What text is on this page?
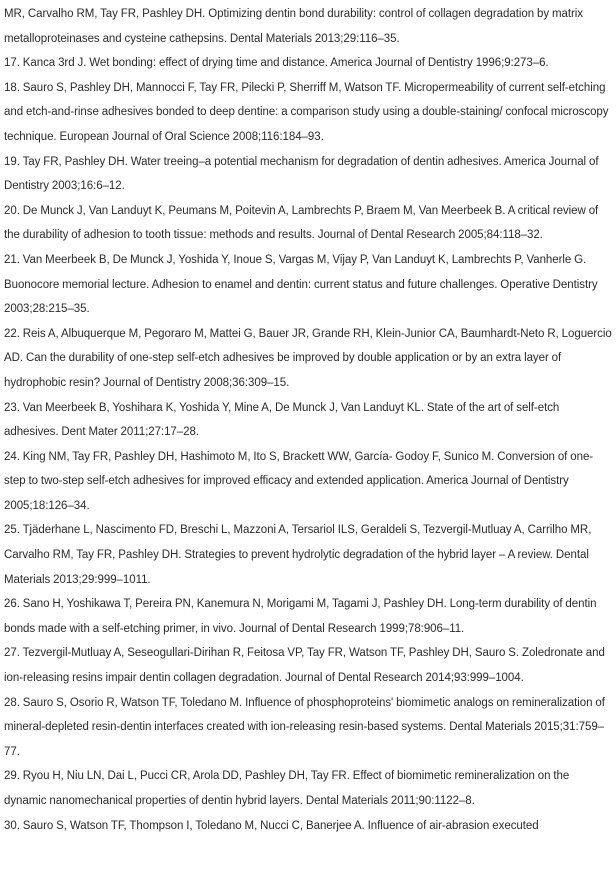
MR, Carvalho RM, Tay FR, Pashley DH. Optimizing dentin bond durability: control of collagen degradation by matrix metalloproteinases and cysteine cathepsins. Dental Materials 2013;29:116–35.
17. Kanca 3rd J. Wet bonding: effect of drying time and distance. America Journal of Dentistry 1996;9:273–6.
18. Sauro S, Pashley DH, Mannocci F, Tay FR, Pilecki P, Sherriff M, Watson TF. Micropermeability of current self-etching and etch-and-rinse adhesives bonded to deep dentine: a comparison study using a double-staining/ confocal microscopy technique. European Journal of Oral Science 2008;116:184–93.
19. Tay FR, Pashley DH. Water treeing–a potential mechanism for degradation of dentin adhesives. America Journal of Dentistry 2003;16:6–12.
20. De Munck J, Van Landuyt K, Peumans M, Poitevin A, Lambrechts P, Braem M, Van Meerbeek B. A critical review of the durability of adhesion to tooth tissue: methods and results. Journal of Dental Research 2005;84:118–32.
21. Van Meerbeek B, De Munck J, Yoshida Y, Inoue S, Vargas M, Vijay P, Van Landuyt K, Lambrechts P, Vanherle G. Buonocore memorial lecture. Adhesion to enamel and dentin: current status and future challenges. Operative Dentistry 2003;28:215–35.
22. Reis A, Albuquerque M, Pegoraro M, Mattei G, Bauer JR, Grande RH, Klein-Junior CA, Baumhardt-Neto R, Loguercio AD. Can the durability of one-step self-etch adhesives be improved by double application or by an extra layer of hydrophobic resin? Journal of Dentistry 2008;36:309–15.
23. Van Meerbeek B, Yoshihara K, Yoshida Y, Mine A, De Munck J, Van Landuyt KL. State of the art of self-etch adhesives. Dent Mater 2011;27:17–28.
24. King NM, Tay FR, Pashley DH, Hashimoto M, Ito S, Brackett WW, García- Godoy F, Sunico M. Conversion of one-step to two-step self-etch adhesives for improved efficacy and extended application. America Journal of Dentistry 2005;18:126–34.
25. Tjäderhane L, Nascimento FD, Breschi L, Mazzoni A, Tersariol ILS, Geraldeli S, Tezvergil-Mutluay A, Carrilho MR, Carvalho RM, Tay FR, Pashley DH. Strategies to prevent hydrolytic degradation of the hybrid layer – A review. Dental Materials 2013;29:999–1011.
26. Sano H, Yoshikawa T, Pereira PN, Kanemura N, Morigami M, Tagami J, Pashley DH. Long-term durability of dentin bonds made with a self-etching primer, in vivo. Journal of Dental Research 1999;78:906–11.
27. Tezvergil-Mutluay A, Seseogullari-Dirihan R, Feitosa VP, Tay FR, Watson TF, Pashley DH, Sauro S. Zoledronate and ion-releasing resins impair dentin collagen degradation. Journal of Dental Research 2014;93:999–1004.
28. Sauro S, Osorio R, Watson TF, Toledano M. Influence of phosphoproteins' biomimetic analogs on remineralization of mineral-depleted resin-dentin interfaces created with ion-releasing resin-based systems. Dental Materials 2015;31:759–77.
29. Ryou H, Niu LN, Dai L, Pucci CR, Arola DD, Pashley DH, Tay FR. Effect of biomimetic remineralization on the dynamic nanomechanical properties of dentin hybrid layers. Dental Materials 2011;90:1122–8.
30. Sauro S, Watson TF, Thompson I, Toledano M, Nucci C, Banerjee A. Influence of air-abrasion executed
